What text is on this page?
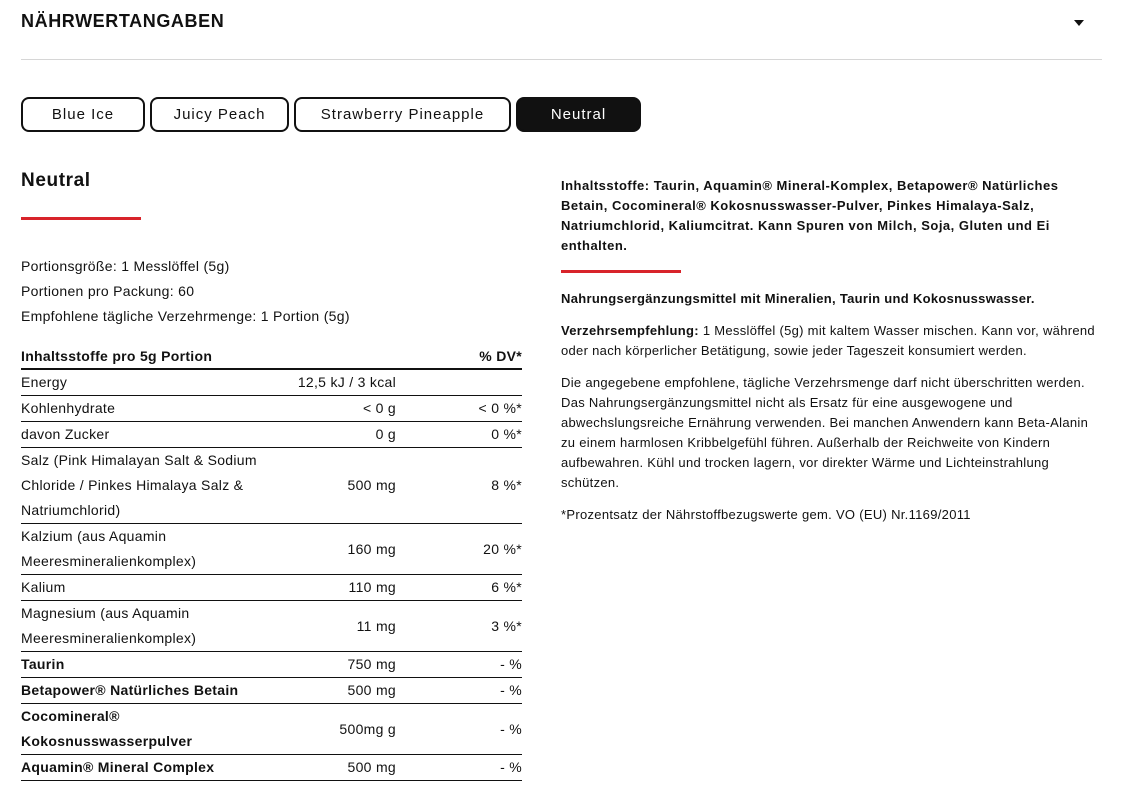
NÄHRWERTANGABEN
Blue Ice	Juicy Peach	Strawberry Pineapple	Neutral
Neutral
Portionsgröße: 1 Messlöffel (5g)
Portionen pro Packung: 60
Empfohlene tägliche Verzehrmenge: 1 Portion (5g)
Inhaltsstoffe pro 5g Portion		% DV*
Energy	12,5 kJ / 3 kcal	
Kohlenhydrate	< 0 g	< 0 %*
davon Zucker	0 g	0 %*
Salz (Pink Himalayan Salt & Sodium Chloride / Pinkes Himalaya Salz & Natriumchlorid)	500 mg	8 %*
Kalzium (aus Aquamin Meeresmineralienkomplex)	160 mg	20 %*
Kalium	110 mg	6 %*
Magnesium (aus Aquamin Meeresmineralienkomplex)	11 mg	3 %*
Taurin	750 mg	- %
Betapower® Natürliches Betain	500 mg	- %
Cocomineral® Kokosnusswasserpulver	500mg g	- %
Aquamin® Mineral Complex	500 mg	- %

Inhaltsstoffe: Taurin, Aquamin® Mineral-Komplex, Betapower® Natürliches Betain, Cocomineral® Kokosnusswasser-Pulver, Pinkes Himalaya-Salz, Natriumchlorid, Kaliumcitrat. Kann Spuren von Milch, Soja, Gluten und Ei enthalten.

Nahrungsergänzungsmittel mit Mineralien, Taurin und Kokosnusswasser.

Verzehrsempfehlung: 1 Messlöffel (5g) mit kaltem Wasser mischen. Kann vor, während oder nach körperlicher Betätigung, sowie jeder Tageszeit konsumiert werden.

Die angegebene empfohlene, tägliche Verzehrsmenge darf nicht überschritten werden. Das Nahrungsergänzungsmittel nicht als Ersatz für eine ausgewogene und abwechslungsreiche Ernährung verwenden. Bei manchen Anwendern kann Beta-Alanin zu einem harmlosen Kribbelgefühl führen. Außerhalb der Reichweite von Kindern aufbewahren. Kühl und trocken lagern, vor direkter Wärme und Lichteinstrahlung schützen.

*Prozentsatz der Nährstoffbezugswerte gem. VO (EU) Nr.1169/2011
